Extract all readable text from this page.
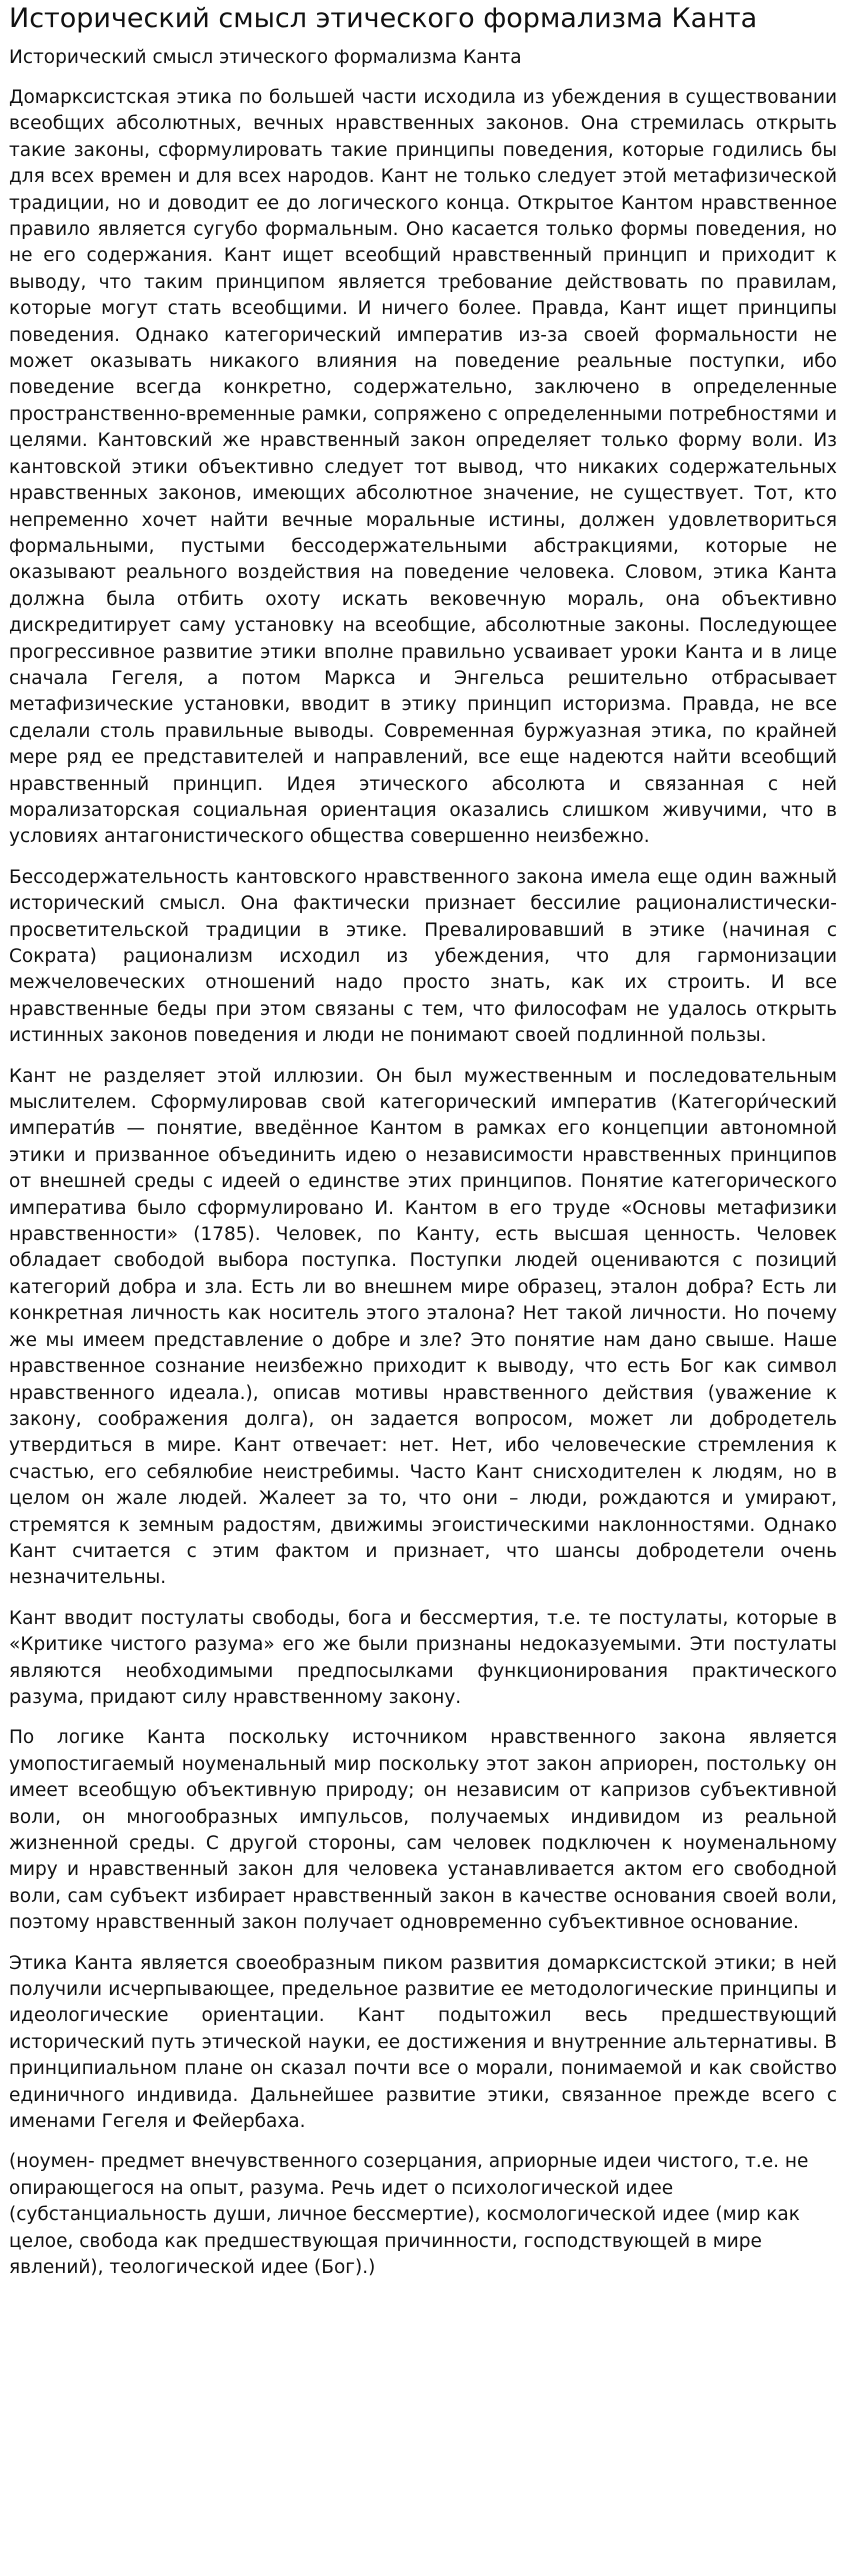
Исторический смысл этического формализма Канта
Исторический смысл этического формализма Канта

Домарксистская этика по большей части исходила из убеждения в существовании всеобщих абсолютных, вечных нравственных законов. Она стремилась открыть такие законы, сформулировать такие принципы поведения, которые годились бы для всех времен и для всех народов. Кант не только следует этой метафизической традиции, но и доводит ее до логического конца. Открытое Кантом нравственное правило является сугубо формальным. Оно касается только формы поведения, но не его содержания. Кант ищет всеобщий нравственный принцип и приходит к выводу, что таким принципом является требование действовать по правилам, которые могут стать всеобщими. И ничего более. Правда, Кант ищет принципы поведения. Однако категорический императив из-за своей формальности не может оказывать никакого влияния на поведение реальные поступки, ибо поведение всегда конкретно, содержательно, заключено в определенные пространственно-временные рамки, сопряжено с определенными потребностями и целями. Кантовский же нравственный закон определяет только форму воли. Из кантовской этики объективно следует тот вывод, что никаких содержательных нравственных законов, имеющих абсолютное значение, не существует. Тот, кто непременно хочет найти вечные моральные истины, должен удовлетвориться формальными, пустыми бессодержательными абстракциями, которые не оказывают реального воздействия на поведение человека. Словом, этика Канта должна была отбить охоту искать вековечную мораль, она объективно дискредитирует саму установку на всеобщие, абсолютные законы. Последующее прогрессивное развитие этики вполне правильно усваивает уроки Канта и в лице сначала Гегеля, а потом Маркса и Энгельса решительно отбрасывает метафизические установки, вводит в этику принцип историзма. Правда, не все сделали столь правильные выводы. Современная буржуазная этика, по крайней мере ряд ее представителей и направлений, все еще надеются найти всеобщий нравственный принцип. Идея этического абсолюта и связанная с ней морализаторская социальная ориентация оказались слишком живучими, что в условиях антагонистического общества совершенно неизбежно.

Бессодержательность кантовского нравственного закона имела еще один важный исторический смысл. Она фактически признает бессилие рационалистически-просветительской традиции в этике. Превалировавший в этике (начиная с Сократа) рационализм исходил из убеждения, что для гармонизации межчеловеческих отношений надо просто знать, как их строить. И все нравственные беды при этом связаны с тем, что философам не удалось открыть истинных законов поведения и люди не понимают своей подлинной пользы.

Кант не разделяет этой иллюзии. Он был мужественным и последовательным мыслителем. Сформулировав свой категорический императив (Категори́ческий императи́в — понятие, введённое Кантом в рамках его концепции автономной этики и призванное объединить идею о независимости нравственных принципов от внешней среды с идеей о единстве этих принципов. Понятие категорического императива было сформулировано И. Кантом в его труде «Основы метафизики нравственности» (1785). Человек, по Канту, есть высшая ценность. Человек обладает свободой выбора поступка. Поступки людей оцениваются с позиций категорий добра и зла. Есть ли во внешнем мире образец, эталон добра? Есть ли конкретная личность как носитель этого эталона? Нет такой личности. Но почему же мы имеем представление о добре и зле? Это понятие нам дано свыше. Наше нравственное сознание неизбежно приходит к выводу, что есть Бог как символ нравственного идеала.), описав мотивы нравственного действия (уважение к закону, соображения долга), он задается вопросом, может ли добродетель утвердиться в мире. Кант отвечает: нет. Нет, ибо человеческие стремления к счастью, его себялюбие неистребимы. Часто Кант снисходителен к людям, но в целом он жале людей. Жалеет за то, что они – люди, рождаются и умирают, стремятся к земным радостям, движимы эгоистическими наклонностями. Однако Кант считается с этим фактом и признает, что шансы добродетели очень незначительны.

Кант вводит постулаты свободы, бога и бессмертия, т.е. те постулаты, которые в «Критике чистого разума» его же были признаны недоказуемыми. Эти постулаты являются необходимыми предпосылками функционирования практического разума, придают силу нравственному закону.

По логике Канта поскольку источником нравственного закона является умопостигаемый ноуменальный мир поскольку этот закон априорен, постольку он имеет всеобщую объективную природу; он независим от капризов субъективной воли, он многообразных импульсов, получаемых индивидом из реальной жизненной среды. С другой стороны, сам человек подключен к ноуменальному миру и нравственный закон для человека устанавливается актом его свободной воли, сам субъект избирает нравственный закон в качестве основания своей воли, поэтому нравственный закон получает одновременно субъективное основание.

Этика Канта является своеобразным пиком развития домарксистской этики; в ней получили исчерпывающее, предельное развитие ее методологические принципы и идеологические ориентации. Кант подытожил весь предшествующий исторический путь этической науки, ее достижения и внутренние альтернативы. В принципиальном плане он сказал почти все о морали, понимаемой и как свойство единичного индивида. Дальнейшее развитие этики, связанное прежде всего с именами Гегеля и Фейербаха.

(ноумен- предмет внечувственного созерцания, априорные идеи чистого, т.е. не опирающегося на опыт, разума. Речь идет о психологической идее (субстанциальность души, личное бессмертие), космологической идее (мир как целое, свобода как предшествующая причинности, господствующей в мире явлений), теологической идее (Бог).)
